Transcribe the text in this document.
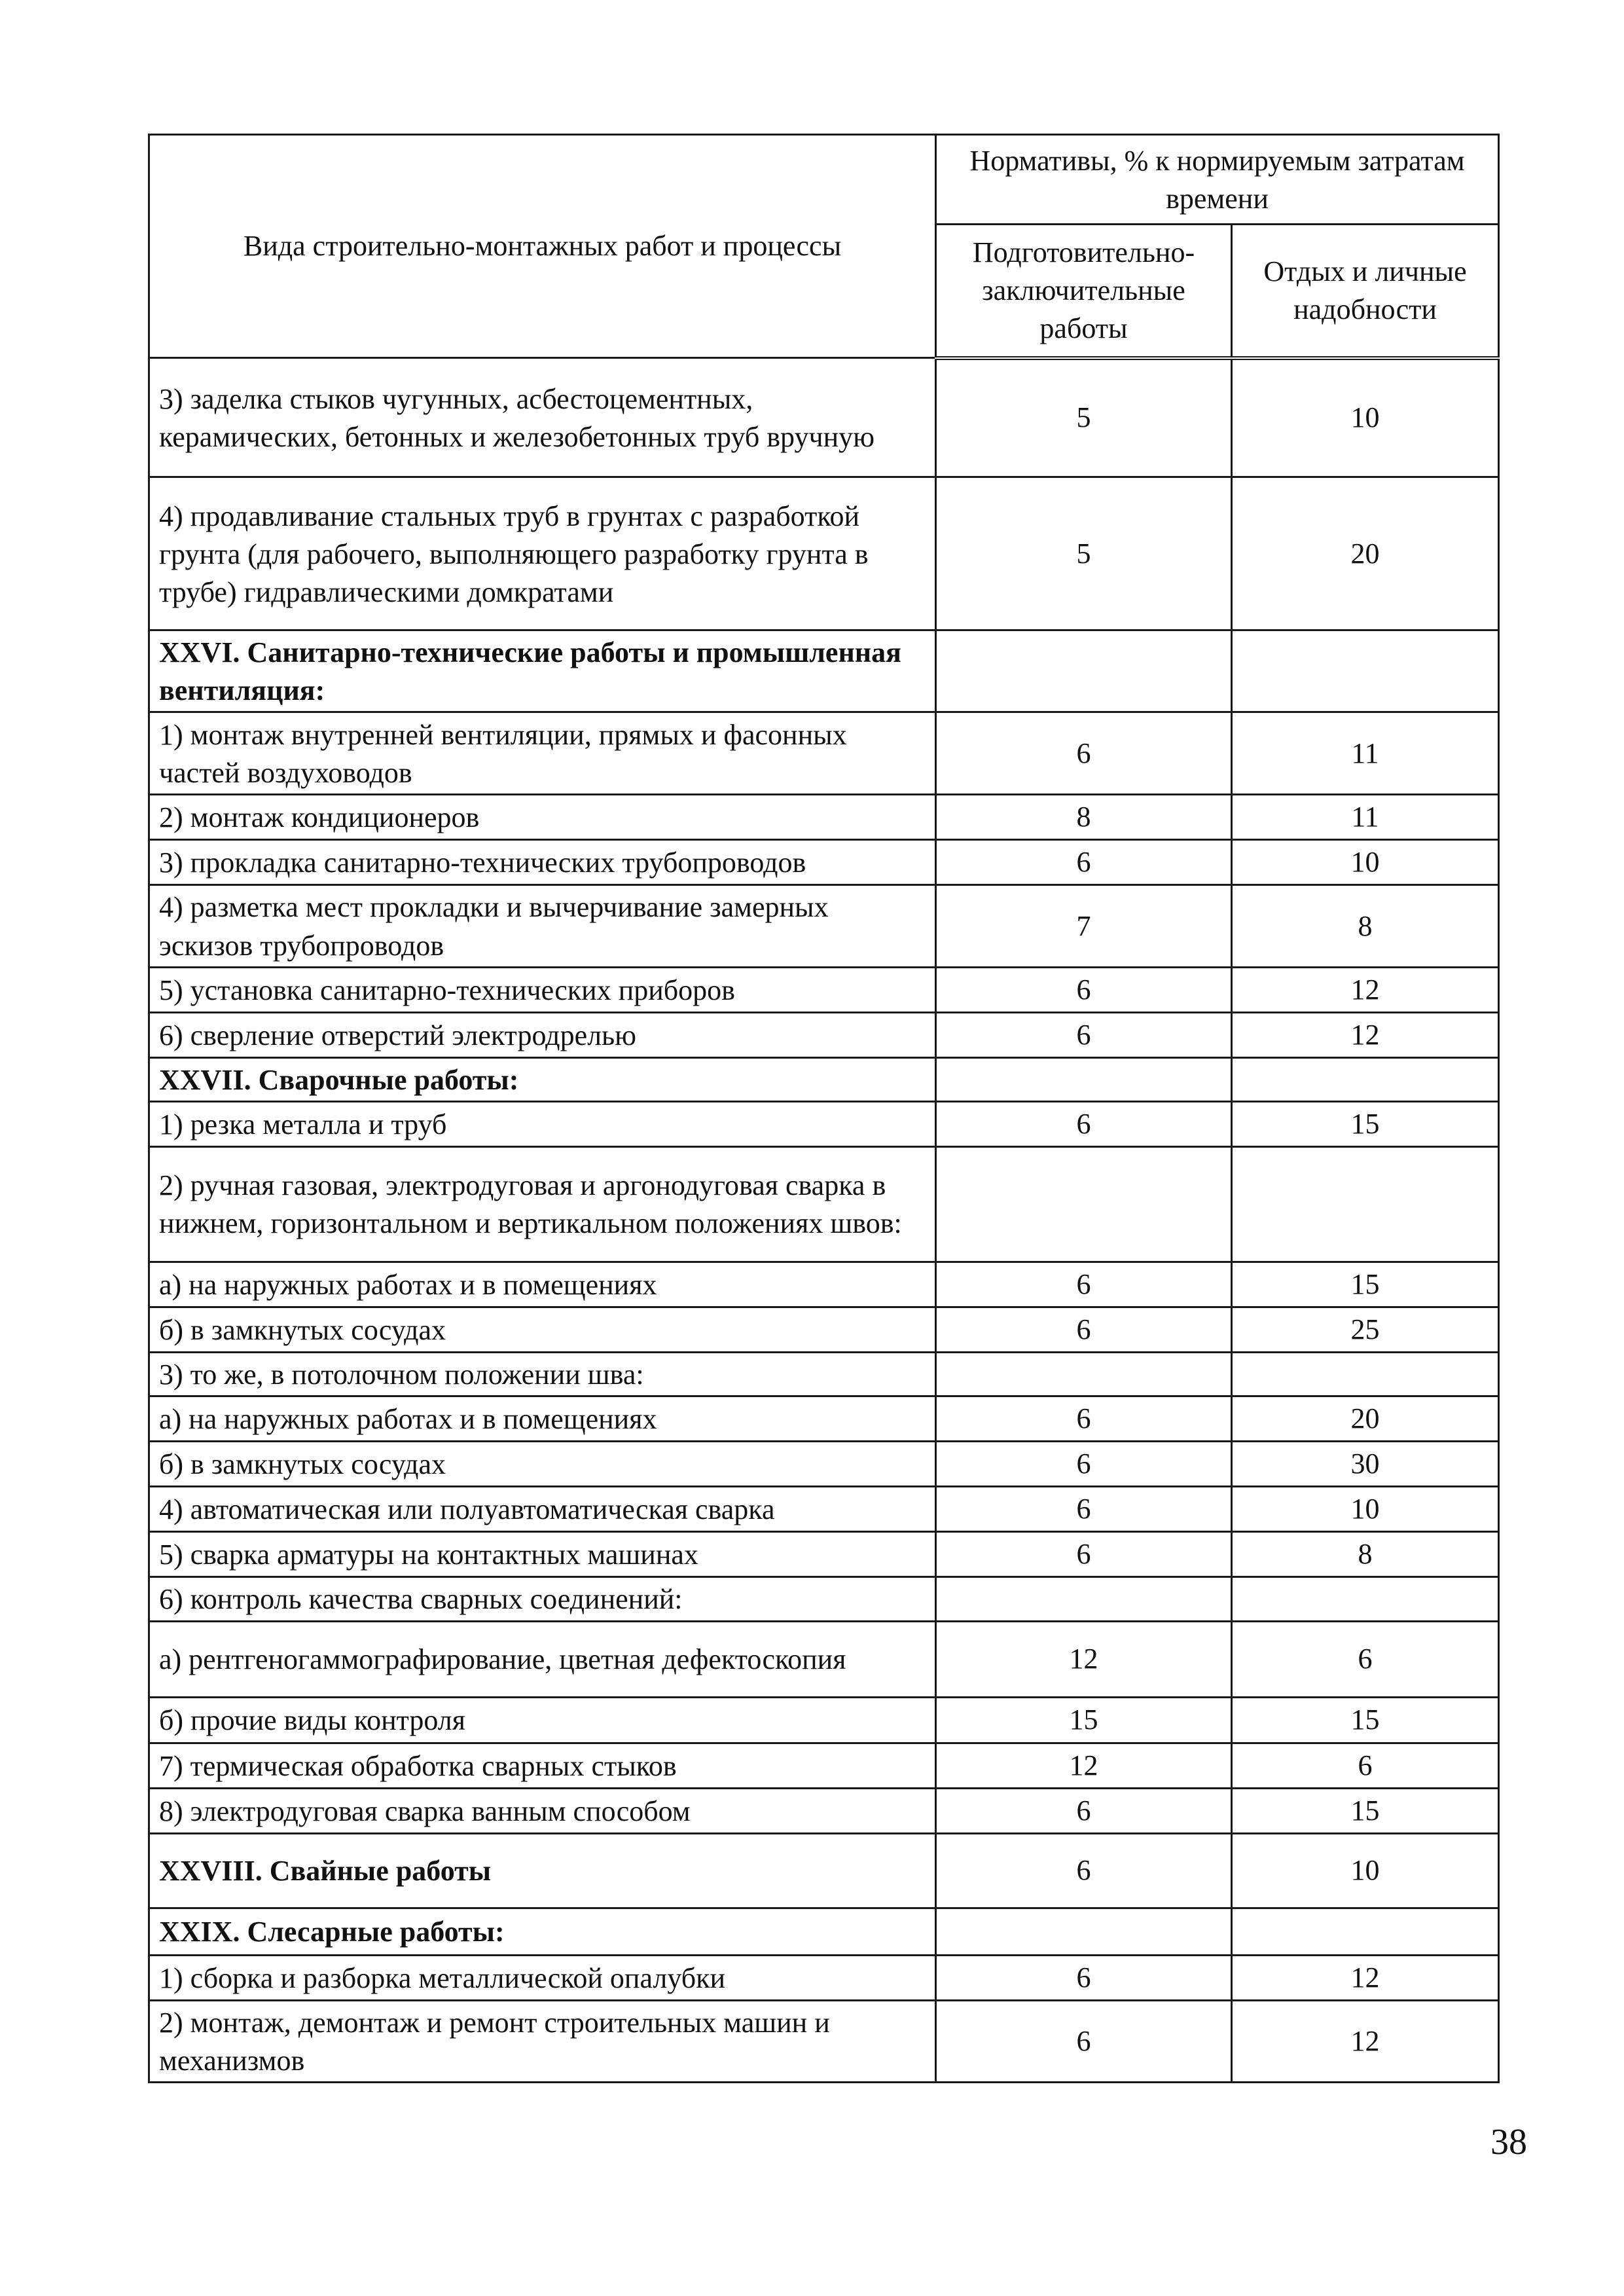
Вида строительно-монтажных работ и процессы	Нормативы, % к нормируемым затратам времени	
	Подготовительно-заключительные работы	Отдых и личные надобности
3) заделка стыков чугунных, асбестоцементных, керамических, бетонных и железобетонных труб вручную	5	10
4) продавливание стальных труб в грунтах с разработкой грунта (для рабочего, выполняющего разработку грунта в трубе) гидравлическими домкратами	5	20
XXVI. Санитарно-технические работы и промышленная вентиляция:		
1) монтаж внутренней вентиляции, прямых и фасонных частей воздуховодов	6	11
2) монтаж кондиционеров	8	11
3) прокладка санитарно-технических трубопроводов	6	10
4) разметка мест прокладки и вычерчивание замерных эскизов трубопроводов	7	8
5) установка санитарно-технических приборов	6	12
6) сверление отверстий электродрелью	6	12
XXVII. Сварочные работы:		
1) резка металла и труб	6	15
2) ручная газовая, электродуговая и аргонодуговая сварка в нижнем, горизонтальном и вертикальном положениях швов:		
а) на наружных работах и в помещениях	6	15
б) в замкнутых сосудах	6	25
3) то же, в потолочном положении шва:		
а) на наружных работах и в помещениях	6	20
б) в замкнутых сосудах	6	30
4) автоматическая или полуавтоматическая сварка	6	10
5) сварка арматуры на контактных машинах	6	8
6) контроль качества сварных соединений:		
а) рентгеногаммографирование, цветная дефектоскопия	12	6
б) прочие виды контроля	15	15
7) термическая обработка сварных стыков	12	6
8) электродуговая сварка ванным способом	6	15
XXVIII. Свайные работы	6	10
XXIX. Слесарные работы:		
1) сборка и разборка металлической опалубки	6	12
2) монтаж, демонтаж и ремонт строительных машин и механизмов	6	12
38
